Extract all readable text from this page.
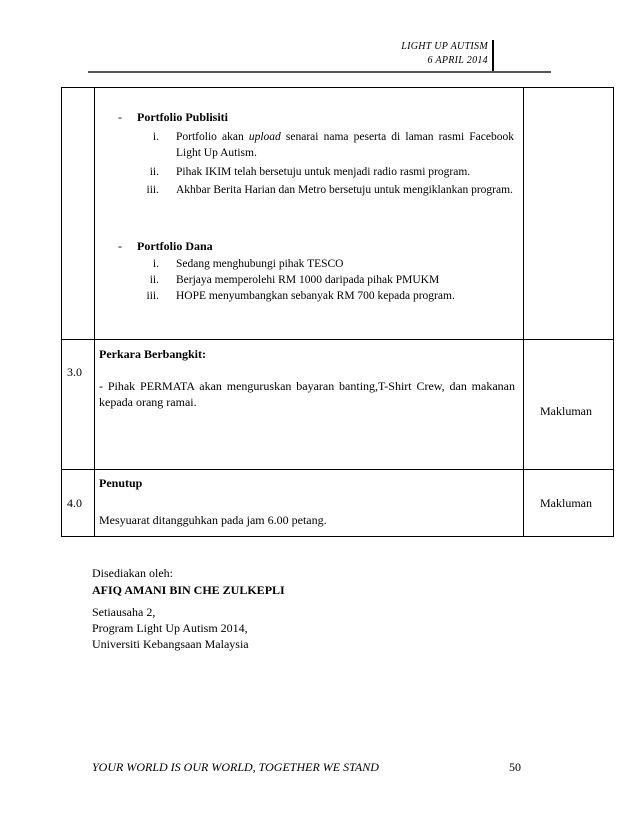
LIGHT UP AUTISM
6 APRIL 2014
- Portfolio Publisiti
i. Portfolio akan upload senarai nama peserta di laman rasmi Facebook Light Up Autism.
ii. Pihak IKIM telah bersetuju untuk menjadi radio rasmi program.
iii. Akhbar Berita Harian dan Metro bersetuju untuk mengiklankan program.
- Portfolio Dana
i. Sedang menghubungi pihak TESCO
ii. Berjaya memperolehi RM 1000 daripada pihak PMUKM
iii. HOPE menyumbangkan sebanyak RM 700 kepada program.
3.0
Perkara Berbangkit:
- Pihak PERMATA akan menguruskan bayaran banting,T-Shirt Crew, dan makanan kepada orang ramai.
Makluman
Penutup
4.0	Makluman
Mesyuarat ditangguhkan pada jam 6.00 petang.
Disediakan oleh:
AFIQ AMANI BIN CHE ZULKEPLI
Setiausaha 2,
Program Light Up Autism 2014,
Universiti Kebangsaan Malaysia
YOUR WORLD IS OUR WORLD, TOGETHER WE STAND	50
